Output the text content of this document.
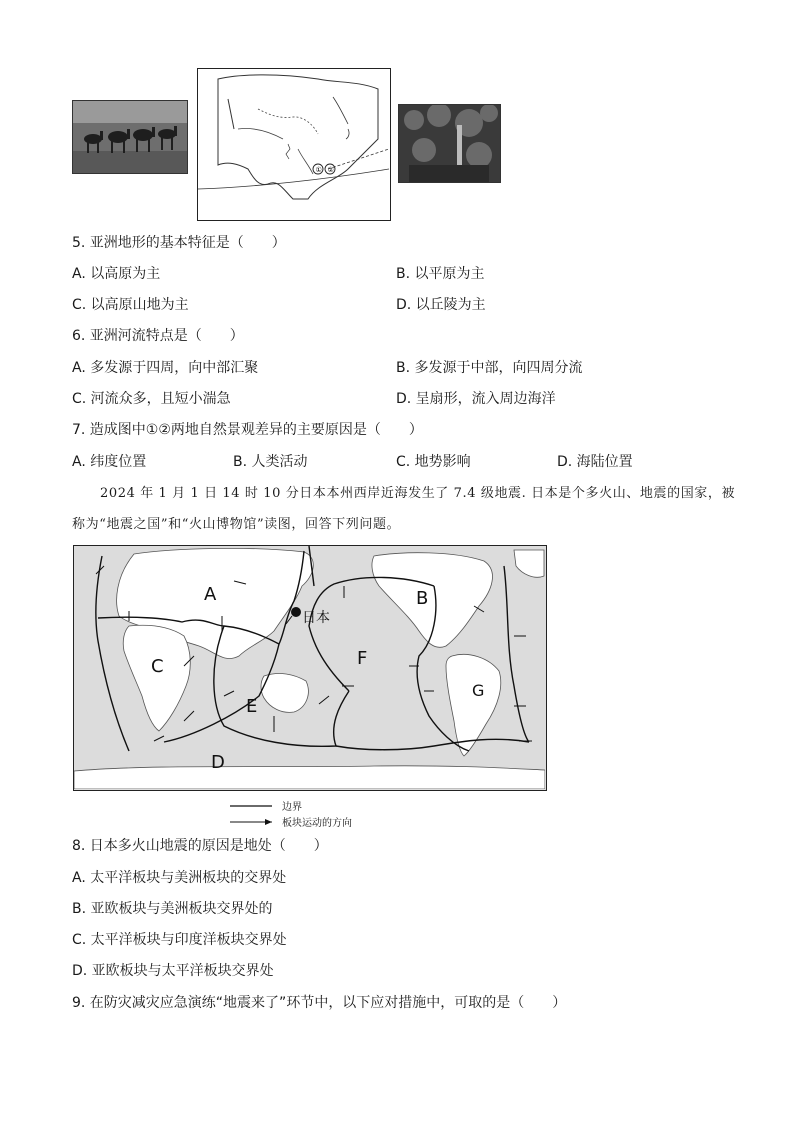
① ②
5. 亚洲地形的基本特征是（　　）
A. 以高原为主	B. 以平原为主
C. 以高原山地为主	D. 以丘陵为主
6. 亚洲河流特点是（　　）
A. 多发源于四周，向中部汇聚	B. 多发源于中部，向四周分流
C. 河流众多，且短小湍急	D. 呈扇形，流入周边海洋
7. 造成图中①②两地自然景观差异的主要原因是（　　）
A. 纬度位置	B. 人类活动	C. 地势影响	D. 海陆位置
2024 年 1 月 1 日 14 时 10 分日本本州西岸近海发生了 7.4 级地震. 日本是个多火山、地震的国家，被
称为“地震之国”和“火山博物馆”读图，回答下列问题。
日本
A	B
C
D
E
F
G
边界
板块运动的方向
8. 日本多火山地震的原因是地处（　　）
A. 太平洋板块与美洲板块的交界处
B. 亚欧板块与美洲板块交界处的
C. 太平洋板块与印度洋板块交界处
D. 亚欧板块与太平洋板块交界处
9. 在防灾减灾应急演练“地震来了”环节中，以下应对措施中，可取的是（　　）
